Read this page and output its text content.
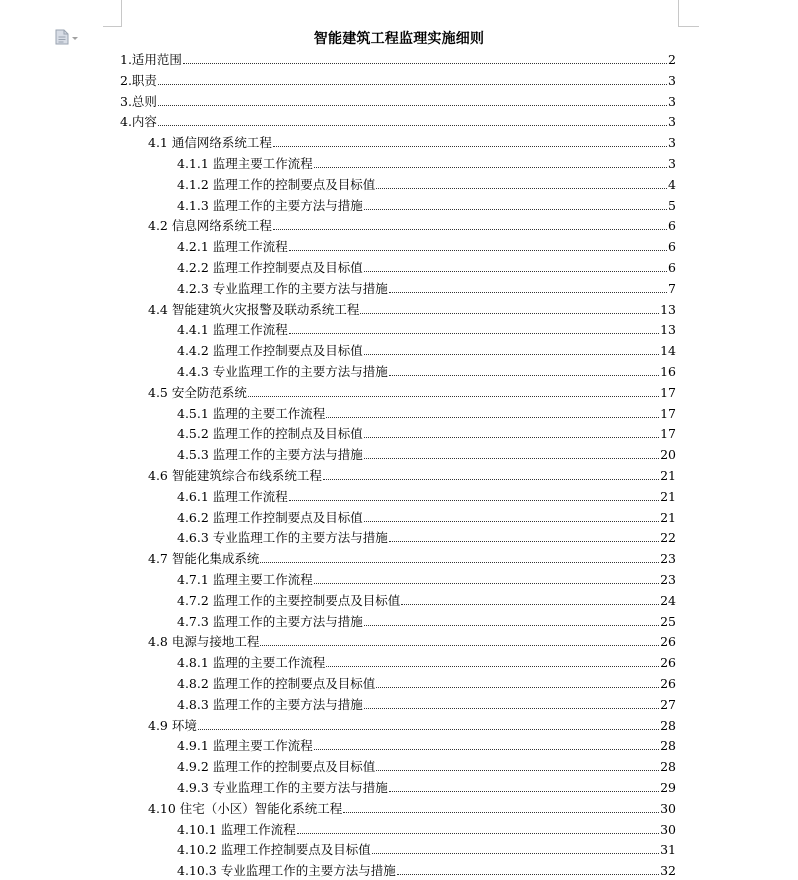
智能建筑工程监理实施细则
1.适用范围	2
2.职责	3
3.总则	3
4.内容	3
4.1 通信网络系统工程	3
4.1.1 监理主要工作流程	3
4.1.2 监理工作的控制要点及目标值	4
4.1.3 监理工作的主要方法与措施	5
4.2 信息网络系统工程	6
4.2.1 监理工作流程	6
4.2.2 监理工作控制要点及目标值	6
4.2.3 专业监理工作的主要方法与措施	7
4.4 智能建筑火灾报警及联动系统工程	13
4.4.1 监理工作流程	13
4.4.2 监理工作控制要点及目标值	14
4.4.3 专业监理工作的主要方法与措施	16
4.5 安全防范系统	17
4.5.1 监理的主要工作流程	17
4.5.2 监理工作的控制点及目标值	17
4.5.3 监理工作的主要方法与措施	20
4.6 智能建筑综合布线系统工程	21
4.6.1 监理工作流程	21
4.6.2 监理工作控制要点及目标值	21
4.6.3 专业监理工作的主要方法与措施	22
4.7 智能化集成系统	23
4.7.1 监理主要工作流程	23
4.7.2 监理工作的主要控制要点及目标值	24
4.7.3 监理工作的主要方法与措施	25
4.8 电源与接地工程	26
4.8.1 监理的主要工作流程	26
4.8.2 监理工作的控制要点及目标值	26
4.8.3 监理工作的主要方法与措施	27
4.9 环境	28
4.9.1 监理主要工作流程	28
4.9.2 监理工作的控制要点及目标值	28
4.9.3 专业监理工作的主要方法与措施	29
4.10 住宅（小区）智能化系统工程	30
4.10.1 监理工作流程	30
4.10.2 监理工作控制要点及目标值	31
4.10.3 专业监理工作的主要方法与措施	32
